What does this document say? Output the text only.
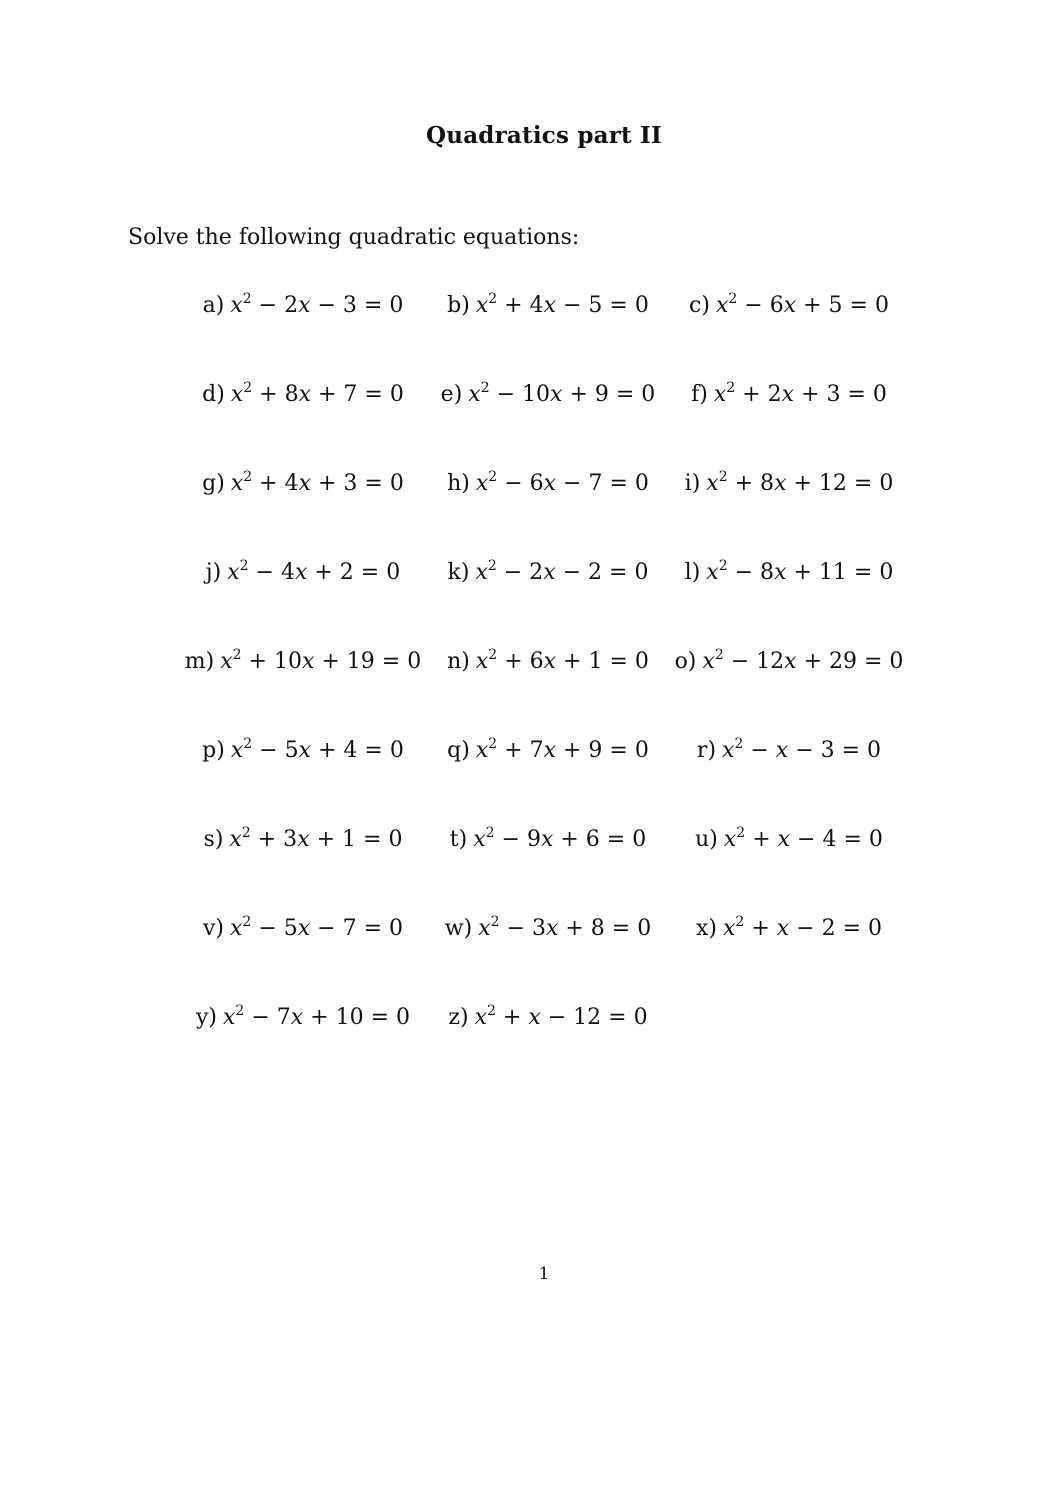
Quadratics part II
Solve the following quadratic equations:
a) $x^2 - 2x - 3 = 0$	b) $x^2 + 4x - 5 = 0$	c) $x^2 - 6x + 5 = 0$
d) $x^2 + 8x + 7 = 0$	e) $x^2 - 10x + 9 = 0$	f) $x^2 + 2x + 3 = 0$
g) $x^2 + 4x + 3 = 0$	h) $x^2 - 6x - 7 = 0$	i) $x^2 + 8x + 12 = 0$
j) $x^2 - 4x + 2 = 0$	k) $x^2 - 2x - 2 = 0$	l) $x^2 - 8x + 11 = 0$
m) $x^2 + 10x + 19 = 0$	n) $x^2 + 6x + 1 = 0$	o) $x^2 - 12x + 29 = 0$
p) $x^2 - 5x + 4 = 0$	q) $x^2 + 7x + 9 = 0$	r) $x^2 - x - 3 = 0$
s) $x^2 + 3x + 1 = 0$	t) $x^2 - 9x + 6 = 0$	u) $x^2 + x - 4 = 0$
v) $x^2 - 5x - 7 = 0$	w) $x^2 - 3x + 8 = 0$	x) $x^2 + x - 2 = 0$
y) $x^2 - 7x + 10 = 0$	z) $x^2 + x - 12 = 0$
1
